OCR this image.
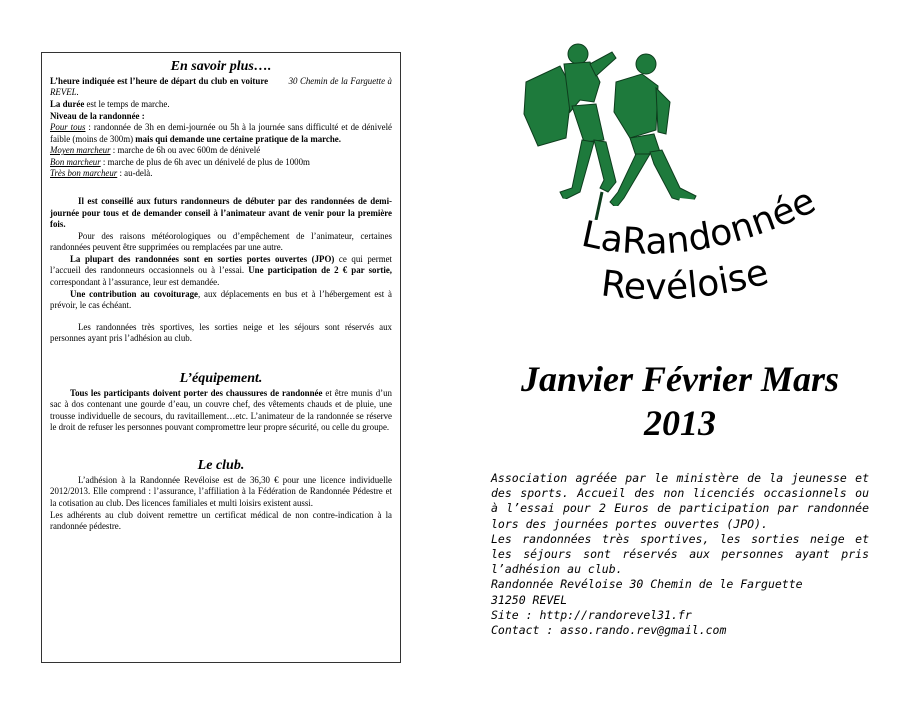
En savoir plus….

L’heure indiquée est l’heure de départ du club en voiture 30 Chemin de la Farguette à REVEL.

La durée est le temps de marche.

Niveau de la randonnée :

Pour tous : randonnée de 3h en demi-journée ou 5h à la journée sans difficulté et de dénivelé faible (moins de 300m) mais qui demande une certaine pratique de la marche.

Moyen marcheur : marche de 6h ou avec 600m de dénivelé

Bon marcheur : marche de plus de 6h avec un dénivelé de plus de 1000m

Très bon marcheur : au-delà.

Il est conseillé aux futurs randonneurs de débuter par des randonnées de demi-journée pour tous et de demander conseil à l’animateur avant de venir pour la première fois.

Pour des raisons météorologiques ou d’empêchement de l’animateur, certaines randonnées peuvent être supprimées ou remplacées par une autre.

La plupart des randonnées sont en sorties portes ouvertes (JPO) ce qui permet l’accueil des randonneurs occasionnels ou à l’essai. Une participation de 2 € par sortie, correspondant à l’assurance, leur est demandée.

Une contribution au covoiturage, aux déplacements en bus et à l’hébergement est à prévoir, le cas échéant.

Les randonnées très sportives, les sorties neige et les séjours sont réservés aux personnes ayant pris l’adhésion au club.

L’équipement.

Tous les participants doivent porter des chaussures de randonnée et être munis d’un sac à dos contenant une gourde d’eau, un couvre chef, des vêtements chauds et de pluie, une trousse individuelle de secours, du ravitaillement…etc. L’animateur de la randonnée se réserve le droit de refuser les personnes pouvant compromettre leur propre sécurité, ou celle du groupe.

Le club.

L’adhésion à la Randonnée Revéloise est de 36,30 € pour une licence individuelle 2012/2013. Elle comprend : l’assurance, l’affiliation à la Fédération de Randonnée Pédestre et la cotisation au club. Des licences familiales et multi loisirs existent aussi.

Les adhérents au club doivent remettre un certificat médical de non contre-indication à la randonnée pédestre.

LaRandonnée
Revéloise
Janvier Février Mars
2013

Association agréée par le ministère de la jeunesse et des sports. Accueil des non licenciés occasionnels ou à l’essai pour 2 Euros de participation par randonnée lors des journées portes ouvertes (JPO).

Les randonnées très sportives, les sorties neige et les séjours sont réservés aux personnes ayant pris l’adhésion au club.

Randonnée Revéloise 30 Chemin de le Farguette

31250 REVEL

Site : http://randorevel31.fr

Contact : asso.rando.rev@gmail.com
